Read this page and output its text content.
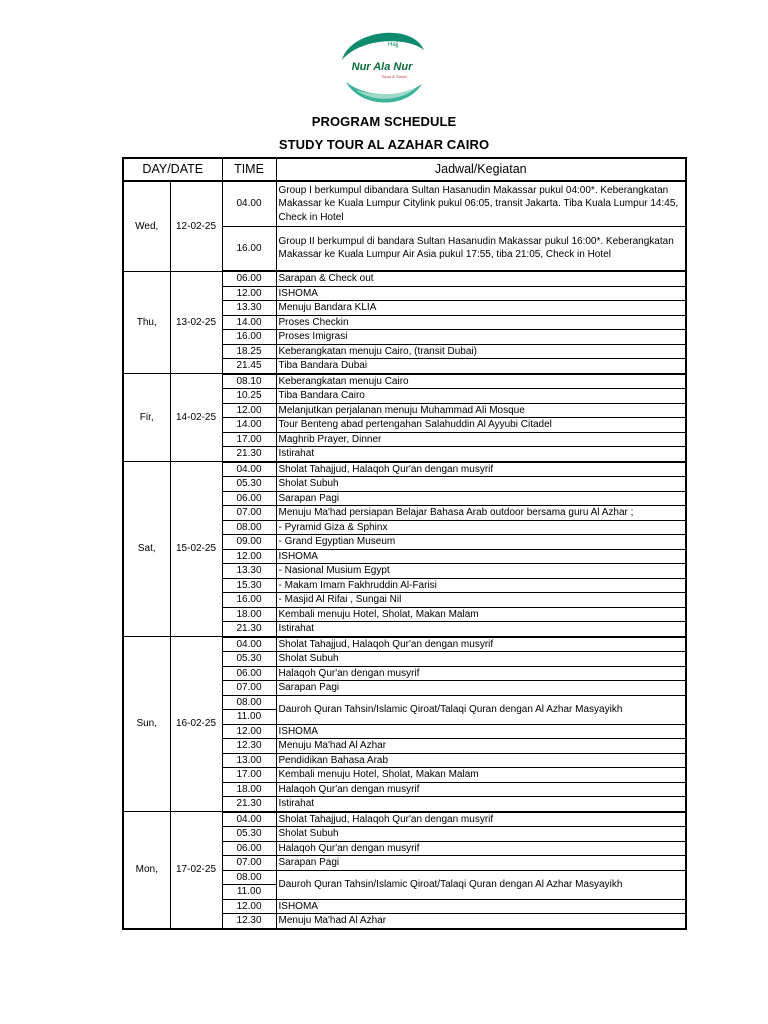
Hajj
Nur Ala Nur
Tours & Travel
PROGRAM SCHEDULE
STUDY TOUR AL AZAHAR CAIRO
DAY/DATE		TIME	Jadwal/Kegiatan
Wed,	12-02-25	04.00	Group I berkumpul dibandara Sultan Hasanudin Makassar pukul 04:00*. Keberangkatan Makassar ke Kuala Lumpur Citylink pukul 06:05, transit Jakarta. Tiba Kuala Lumpur 14:45, Check in Hotel
		16.00	Group II berkumpul di bandara Sultan Hasanudin Makassar pukul 16:00*. Keberangkatan Makassar ke Kuala Lumpur Air Asia pukul 17:55, tiba 21:05, Check in Hotel
Thu,	13-02-25	06.00	Sarapan & Check out
		12.00	ISHOMA
		13.30	Menuju Bandara KLIA
		14.00	Proses Checkin
		16.00	Proses Imigrasi
		18.25	Keberangkatan menuju Cairo, (transit Dubai)
		21.45	Tiba Bandara Dubai
Fir,	14-02-25	08.10	Keberangkatan menuju Cairo
		10.25	Tiba Bandara Cairo
		12.00	Melanjutkan perjalanan menuju Muhammad Ali Mosque
		14.00	Tour Benteng abad pertengahan Salahuddin Al Ayyubi Citadel
		17.00	Maghrib Prayer, Dinner
		21.30	Istirahat
Sat,	15-02-25	04.00	Sholat Tahajjud, Halaqoh Qur'an dengan musyrif
		05.30	Sholat Subuh
		06.00	Sarapan Pagi
		07.00	Menuju Ma'had persiapan Belajar Bahasa Arab outdoor bersama guru Al Azhar ;
		08.00	- Pyramid Giza & Sphinx
		09.00	- Grand Egyptian Museum
		12.00	ISHOMA
		13.30	- Nasional Musium Egypt
		15.30	- Makam Imam Fakhruddin Al-Farisi
		16.00	- Masjid Al Rifai , Sungai Nil
		18.00	Kembali menuju Hotel, Sholat, Makan Malam
		21.30	Istirahat
Sun,	16-02-25	04.00	Sholat Tahajjud, Halaqoh Qur'an dengan musyrif
		05.30	Sholat Subuh
		06.00	Halaqoh Qur'an dengan musyrif
		07.00	Sarapan Pagi
		08.00	Dauroh Quran Tahsin/Islamic Qiroat/Talaqi Quran dengan Al Azhar Masyayikh
		11.00	
		12.00	ISHOMA
		12.30	Menuju Ma'had Al Azhar
		13.00	Pendidikan Bahasa Arab
		17.00	Kembali menuju Hotel, Sholat, Makan Malam
		18.00	Halaqoh Qur'an dengan musyrif
		21.30	Istirahat
Mon,	17-02-25	04.00	Sholat Tahajjud, Halaqoh Qur'an dengan musyrif
		05.30	Sholat Subuh
		06.00	Halaqoh Qur'an dengan musyrif
		07.00	Sarapan Pagi
		08.00	Dauroh Quran Tahsin/Islamic Qiroat/Talaqi Quran dengan Al Azhar Masyayikh
		11.00	
		12.00	ISHOMA
		12.30	Menuju Ma'had Al Azhar
